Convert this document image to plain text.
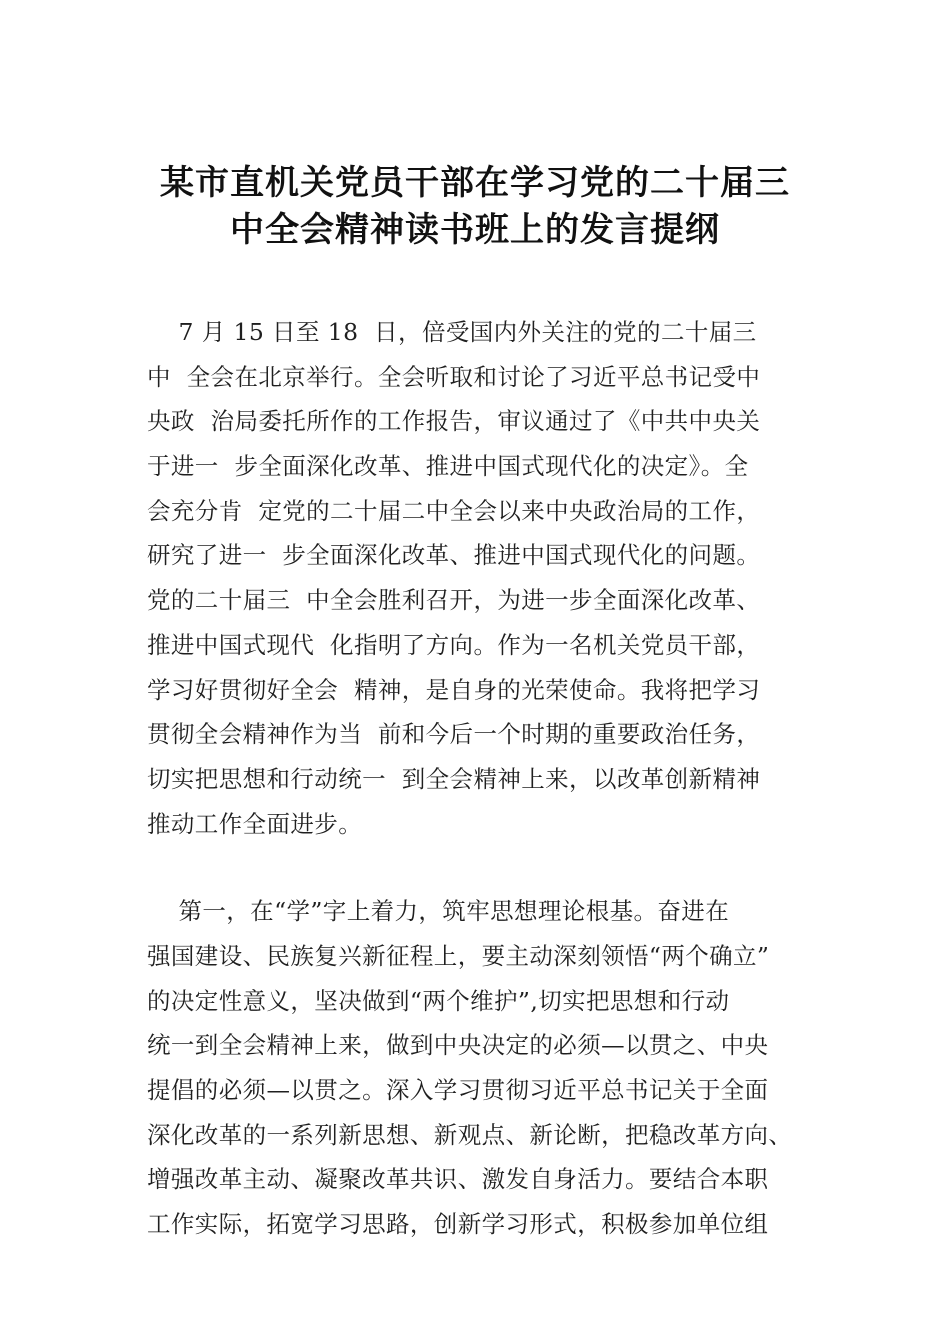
某市直机关党员干部在学习党的二十届三
中全会精神读书班上的发言提纲
7 月 15 日至 18  日，倍受国内外关注的党的二十届三
中  全会在北京举行。全会听取和讨论了习近平总书记受中
央政  治局委托所作的工作报告，审议通过了《中共中央关
于进一  步全面深化改革、推进中国式现代化的决定》。全
会充分肯  定党的二十届二中全会以来中央政治局的工作，
研究了进一  步全面深化改革、推进中国式现代化的问题。
党的二十届三  中全会胜利召开，为进一步全面深化改革、
推进中国式现代  化指明了方向。作为一名机关党员干部，
学习好贯彻好全会  精神，是自身的光荣使命。我将把学习
贯彻全会精神作为当  前和今后一个时期的重要政治任务，
切实把思想和行动统一  到全会精神上来，以改革创新精神
推动工作全面进步。
第一，在“学”字上着力，筑牢思想理论根基。奋进在
强国建设、民族复兴新征程上，要主动深刻领悟“两个确立”
的决定性意义，坚决做到“两个维护”,切实把思想和行动
统一到全会精神上来，做到中央决定的必须—以贯之、中央
提倡的必须—以贯之。深入学习贯彻习近平总书记关于全面
深化改革的一系列新思想、新观点、新论断，把稳改革方向、
增强改革主动、凝聚改革共识、激发自身活力。要结合本职
工作实际，拓宽学习思路，创新学习形式，积极参加单位组
